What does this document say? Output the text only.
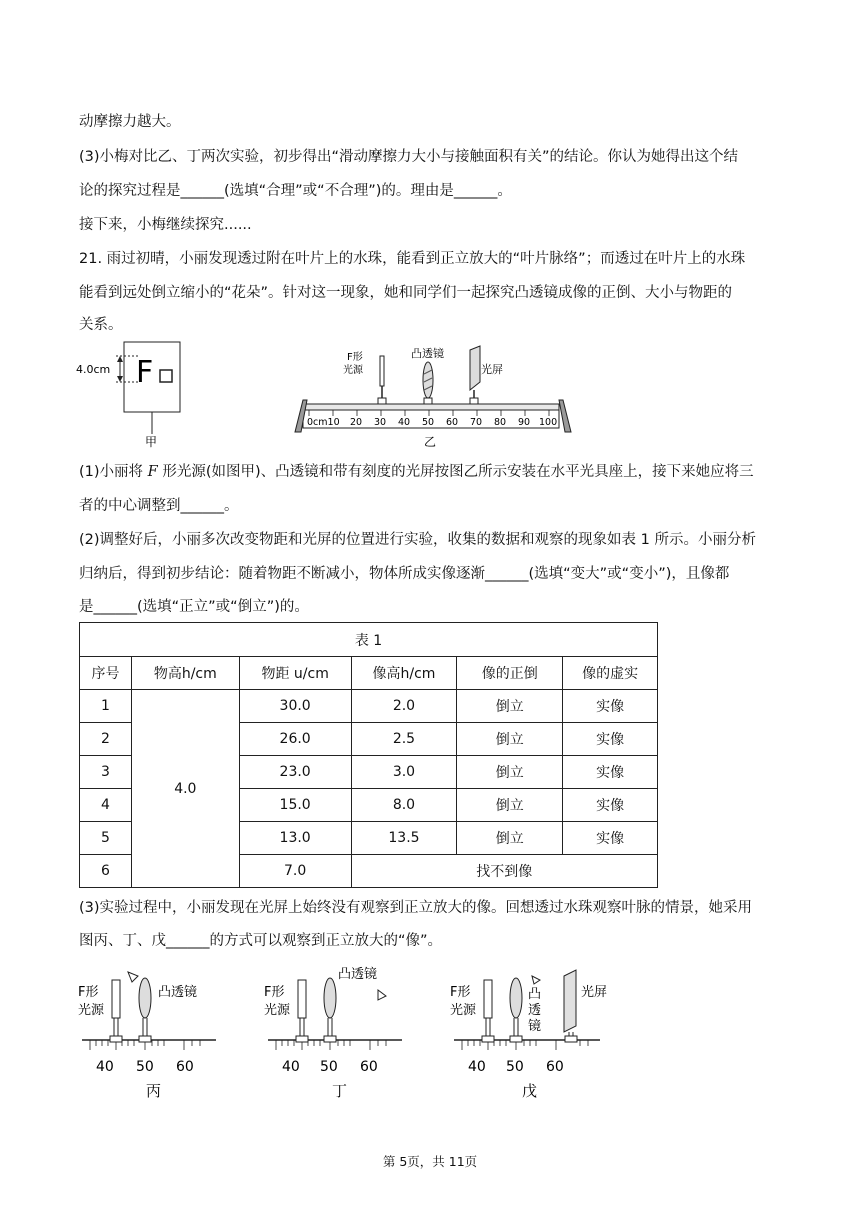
动摩擦力越大。
(3)小梅对比乙、丁两次实验，初步得出“滑动摩擦力大小与接触面积有关”的结论。你认为她得出这个结
论的探究过程是______(选填“合理”或“不合理”)的。理由是______。
接下来，小梅继续探究......
21. 雨过初晴，小丽发现透过附在叶片上的水珠，能看到正立放大的“叶片脉络”；而透过在叶片上的水珠
能看到远处倒立缩小的“花朵”。针对这一现象，她和同学们一起探究凸透镜成像的正倒、大小与物距的
关系。
4.0cm F
甲
F形
光源
凸透镜
光屏
0cm10 20 30 40 50 60 70 80 90 100
乙
(1)小丽将 F 形光源(如图甲)、凸透镜和带有刻度的光屏按图乙所示安装在水平光具座上，接下来她应将三
者的中心调整到______。
(2)调整好后，小丽多次改变物距和光屏的位置进行实验，收集的数据和观察的现象如表 1 所示。小丽分析
归纳后，得到初步结论：随着物距不断减小，物体所成实像逐渐______(选填“变大”或“变小”)，且像都
是______(选填“正立”或“倒立”)的。
表 1					
序号	物高h/cm	物距 u/cm	像高h/cm	像的正倒	像的虚实
1	4.0	30.0	2.0	倒立	实像
2		26.0	2.5	倒立	实像
3		23.0	3.0	倒立	实像
4		15.0	8.0	倒立	实像
5		13.0	13.5	倒立	实像
6		7.0	找不到像		
(3)实验过程中，小丽发现在光屏上始终没有观察到正立放大的像。回想透过水珠观察叶脉的情景，她采用
图丙、丁、戊______的方式可以观察到正立放大的“像”。
F形
光源
凸透镜
40 50 60
丙
F形
光源
凸透镜
40 50 60
丁
F形
光源
凸
透
镜
光屏
40 50 60
戊
第 5页，共 11页
